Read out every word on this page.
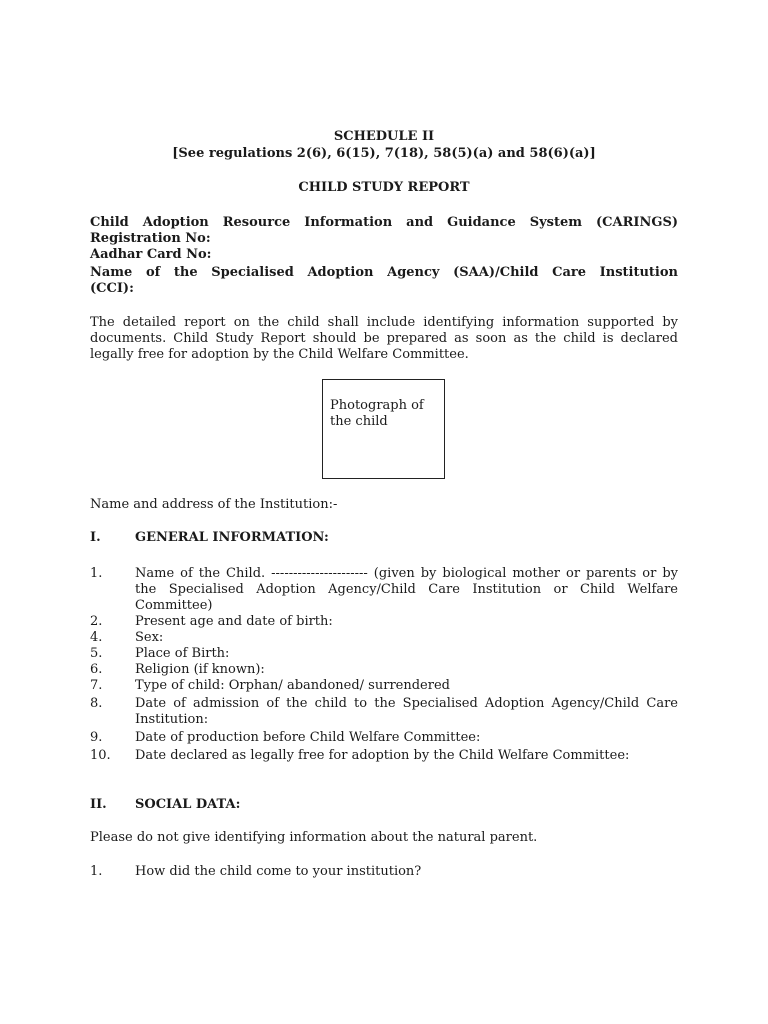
SCHEDULE II
[See regulations 2(6), 6(15), 7(18), 58(5)(a) and 58(6)(a)]
CHILD STUDY REPORT
Child Adoption Resource Information and Guidance System (CARINGS)
Registration No:
Aadhar Card No:
Name of the Specialised Adoption Agency (SAA)/Child Care Institution
(CCI):
The detailed report on the child shall include identifying information supported by documents. Child Study Report should be prepared as soon as the child is declared legally free for adoption by the Child Welfare Committee.
Photograph of the child
Name and address of the Institution:-
I.	GENERAL INFORMATION:
1.	Name of the Child. ---------------------- (given by biological mother or parents or by the Specialised Adoption Agency/Child Care Institution or Child Welfare Committee)
2.	Present age and date of birth:
4.	Sex:
5.	Place of Birth:
6.	Religion (if known):
7.	Type of child: Orphan/ abandoned/ surrendered
8.	Date of admission of the child to the Specialised Adoption Agency/Child Care Institution:
9.	Date of production before Child Welfare Committee:
10. Date declared as legally free for adoption by the Child Welfare Committee:
II. SOCIAL DATA:
Please do not give identifying information about the natural parent.
1.	How did the child come to your institution?
